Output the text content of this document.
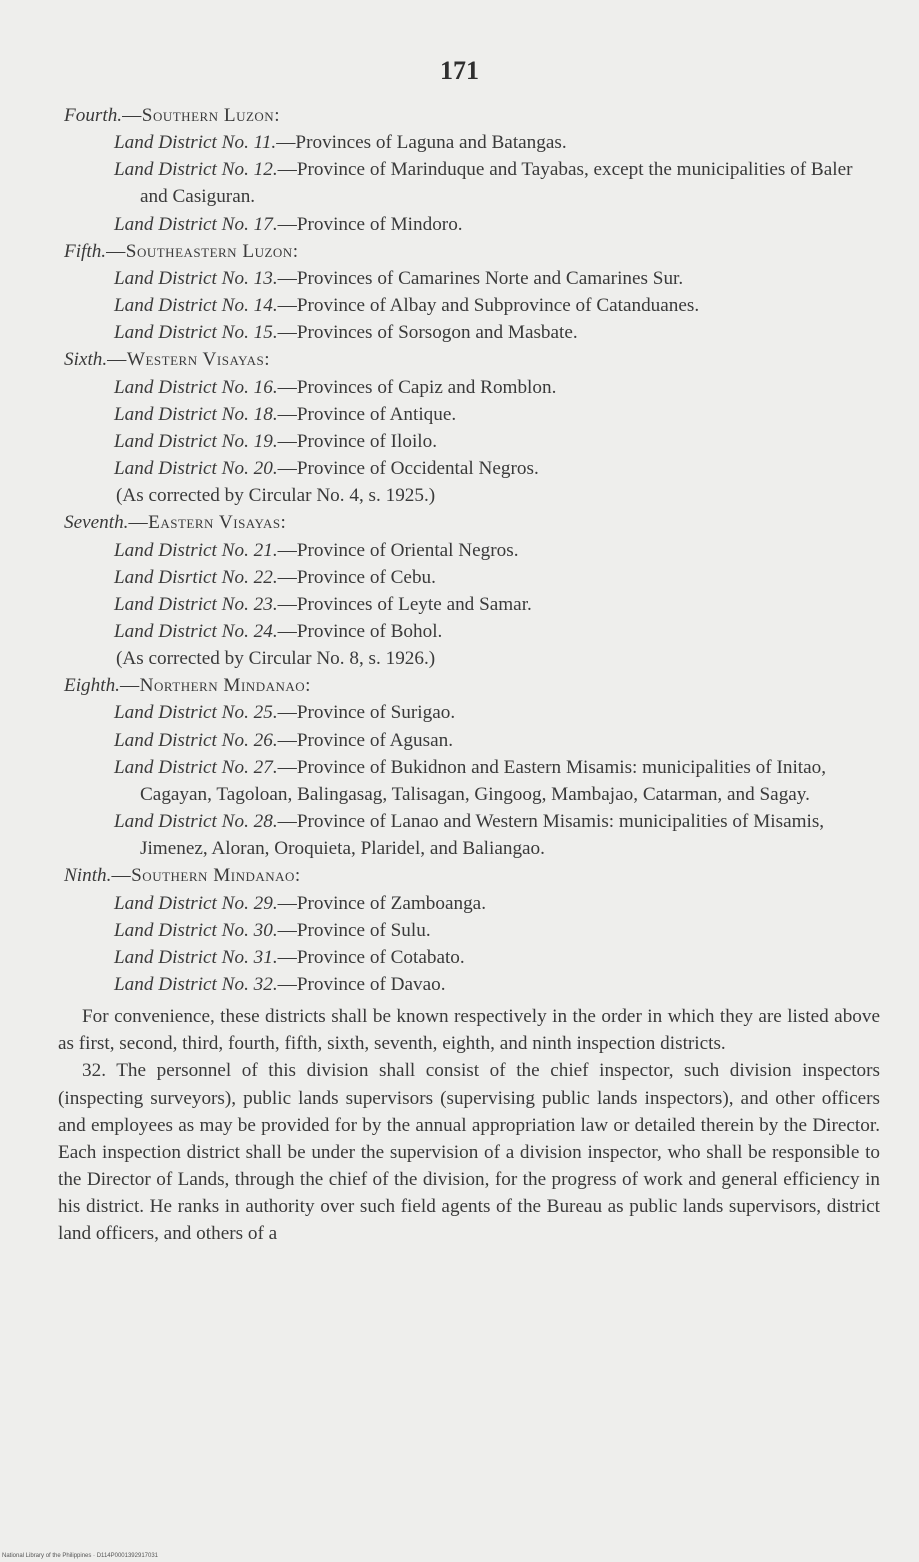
171
Fourth.—Southern Luzon:
Land District No. 11.—Provinces of Laguna and Batangas.
Land District No. 12.—Province of Marinduque and Tayabas, except the municipalities of Baler and Casiguran.
Land District No. 17.—Province of Mindoro.
Fifth.—Southeastern Luzon:
Land District No. 13.—Provinces of Camarines Norte and Camarines Sur.
Land District No. 14.—Province of Albay and Subprovince of Catanduanes.
Land District No. 15.—Provinces of Sorsogon and Masbate.
Sixth.—Western Visayas:
Land District No. 16.—Provinces of Capiz and Romblon.
Land District No. 18.—Province of Antique.
Land District No. 19.—Province of Iloilo.
Land District No. 20.—Province of Occidental Negros.
(As corrected by Circular No. 4, s. 1925.)
Seventh.—Eastern Visayas:
Land District No. 21.—Province of Oriental Negros.
Land Disrtict No. 22.—Province of Cebu.
Land District No. 23.—Provinces of Leyte and Samar.
Land District No. 24.—Province of Bohol.
(As corrected by Circular No. 8, s. 1926.)
Eighth.—Northern Mindanao:
Land District No. 25.—Province of Surigao.
Land District No. 26.—Province of Agusan.
Land District No. 27.—Province of Bukidnon and Eastern Misamis: municipalities of Initao, Cagayan, Tagoloan, Balingasag, Talisagan, Gingoog, Mambajao, Catarman, and Sagay.
Land District No. 28.—Province of Lanao and Western Misamis: municipalities of Misamis, Jimenez, Aloran, Oroquieta, Plaridel, and Baliangao.
Ninth.—Southern Mindanao:
Land District No. 29.—Province of Zamboanga.
Land District No. 30.—Province of Sulu.
Land District No. 31.—Province of Cotabato.
Land District No. 32.—Province of Davao.
For convenience, these districts shall be known respectively in the order in which they are listed above as first, second, third, fourth, fifth, sixth, seventh, eighth, and ninth inspection districts.
32. The personnel of this division shall consist of the chief inspector, such division inspectors (inspecting surveyors), public lands supervisors (supervising public lands inspectors), and other officers and employees as may be provided for by the annual appropriation law or detailed therein by the Director. Each inspection district shall be under the supervision of a division inspector, who shall be responsible to the Director of Lands, through the chief of the division, for the progress of work and general efficiency in his district. He ranks in authority over such field agents of the Bureau as public lands supervisors, district land officers, and others of a
National Library of the Philippines · D114P0001392917031
